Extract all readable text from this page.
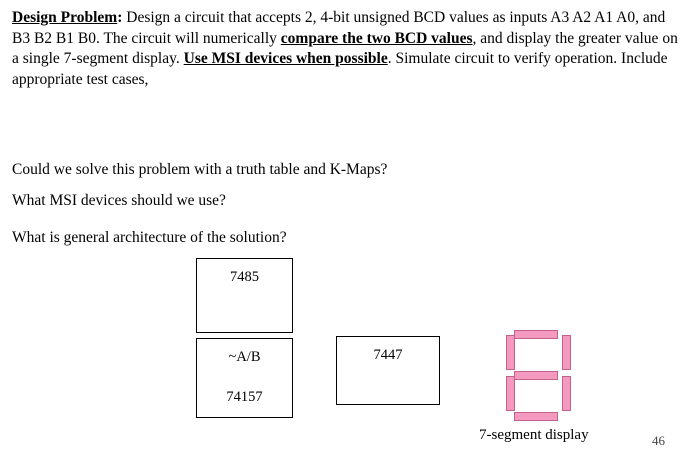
Design Problem: Design a circuit that accepts 2, 4-bit unsigned BCD values as inputs A3 A2 A1 A0, and B3 B2 B1 B0. The circuit will numerically compare the two BCD values, and display the greater value on a single 7-segment display. Use MSI devices when possible. Simulate circuit to verify operation. Include appropriate test cases,
Could we solve this problem with a truth table and K-Maps?
What MSI devices should we use?
What is general architecture of the solution?
7485
~A/B
74157
7447
7-segment display	46
